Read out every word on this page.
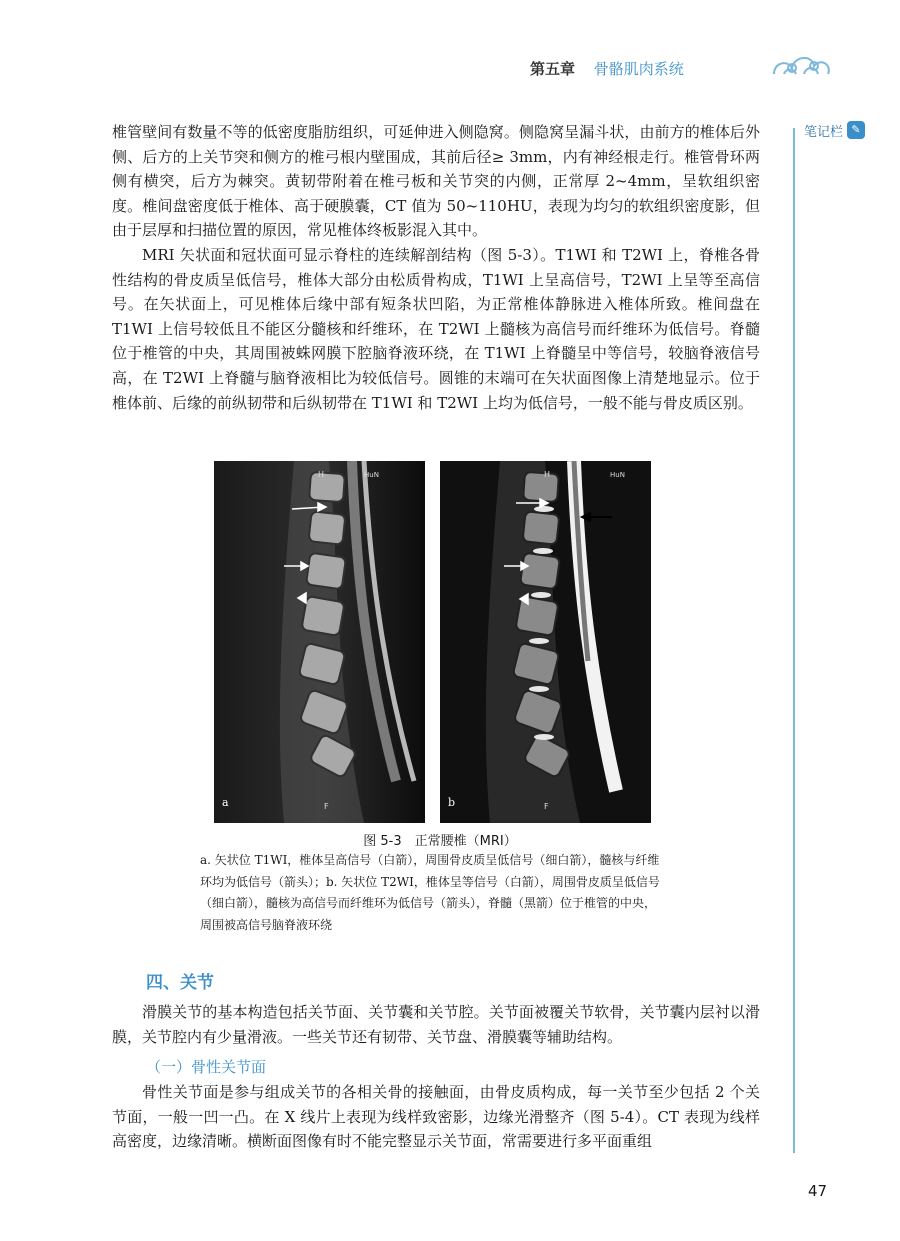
第五章 骨骼肌肉系统
笔记栏 ✎

椎管壁间有数量不等的低密度脂肪组织，可延伸进入侧隐窝。侧隐窝呈漏斗状，由前方的椎体后外侧、后方的上关节突和侧方的椎弓根内壁围成，其前后径≥ 3mm，内有神经根走行。椎管骨环两侧有横突，后方为棘突。黄韧带附着在椎弓板和关节突的内侧，正常厚 2~4mm，呈软组织密度。椎间盘密度低于椎体、高于硬膜囊，CT 值为 50~110HU，表现为均匀的软组织密度影，但由于层厚和扫描位置的原因，常见椎体终板影混入其中。

MRI 矢状面和冠状面可显示脊柱的连续解剖结构（图 5-3）。T1WI 和 T2WI 上，脊椎各骨性结构的骨皮质呈低信号，椎体大部分由松质骨构成，T1WI 上呈高信号，T2WI 上呈等至高信号。在矢状面上，可见椎体后缘中部有短条状凹陷，为正常椎体静脉进入椎体所致。椎间盘在 T1WI 上信号较低且不能区分髓核和纤维环，在 T2WI 上髓核为高信号而纤维环为低信号。脊髓位于椎管的中央，其周围被蛛网膜下腔脑脊液环绕，在 T1WI 上脊髓呈中等信号，较脑脊液信号高，在 T2WI 上脊髓与脑脊液相比为较低信号。圆锥的末端可在矢状面图像上清楚地显示。位于椎体前、后缘的前纵韧带和后纵韧带在 T1WI 和 T2WI 上均为低信号，一般不能与骨皮质区别。

H	HuN
F
a
H	HuN
F
b
图 5-3　正常腰椎（MRI）
a. 矢状位 T1WI，椎体呈高信号（白箭），周围骨皮质呈低信号（细白箭），髓核与纤维环均为低信号（箭头）；b. 矢状位 T2WI，椎体呈等信号（白箭），周围骨皮质呈低信号（细白箭），髓核为高信号而纤维环为低信号（箭头），脊髓（黑箭）位于椎管的中央，周围被高信号脑脊液环绕
四、关节

滑膜关节的基本构造包括关节面、关节囊和关节腔。关节面被覆关节软骨，关节囊内层衬以滑膜，关节腔内有少量滑液。一些关节还有韧带、关节盘、滑膜囊等辅助结构。

（一）骨性关节面

骨性关节面是参与组成关节的各相关骨的接触面，由骨皮质构成，每一关节至少包括 2 个关节面，一般一凹一凸。在 X 线片上表现为线样致密影，边缘光滑整齐（图 5-4）。CT 表现为线样高密度，边缘清晰。横断面图像有时不能完整显示关节面，常需要进行多平面重组

47
